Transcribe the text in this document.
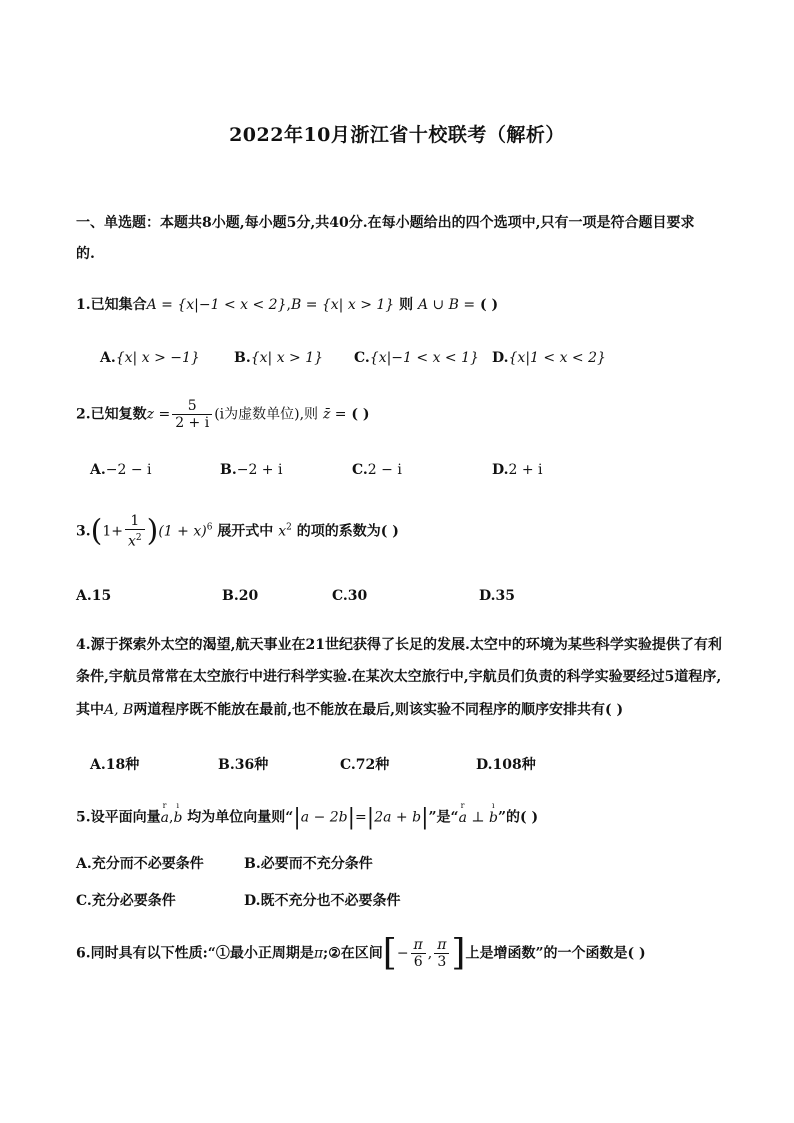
2022年10月浙江省十校联考（解析）
一、单选题：本题共8小题,每小题5分,共40分.在每小题给出的四个选项中,只有一项是符合题目要求
的.
1.已知集合A = {x|−1 < x < 2},B = {x| x > 1} 则 A ∪ B = ( )
A.{x| x > −1} B.{x| x > 1} C.{x|−1 < x < 1} D.{x|1 < x < 2}
2.已知复数$z = \frac{5}{2 + i} (i$为虚数单位),则 z̄ = ( )
A.−2 − i	B.−2 + i	C.2 − i	D.2 + i
$3.(1+ \frac{1}{x^2} )(1 + x)^6$ 展开式中 $x^2$ 的项的系数为( )
A.15	B.20	C.30	D.35
4.源于探索外太空的渴望,航天事业在21世纪获得了长足的发展.太空中的环境为某些科学实验提供了有利
条件,宇航员常常在太空旅行中进行科学实验.在某次太空旅行中,宇航员们负责的科学实验要经过5道程序,
其中A, B两道程序既不能放在最前,也不能放在最后,则该实验不同程序的顺序安排共有( )
A.18种	B.36种	C.72种	D.108种
5.设平面向量r a,ı b 均为单位向量则“|a − 2b|=|2a + b|”是“r a ⊥ ı b”的( )
A.充分而不必要条件	B.必要而不充分条件
C.充分必要条件	D.既不充分也不必要条件
6.同时具有以下性质:“①最小正周期是π;②在区间[− $\frac{\pi}{6}$ , $\frac{\pi}{3}$ ]上是增函数”的一个函数是( )
